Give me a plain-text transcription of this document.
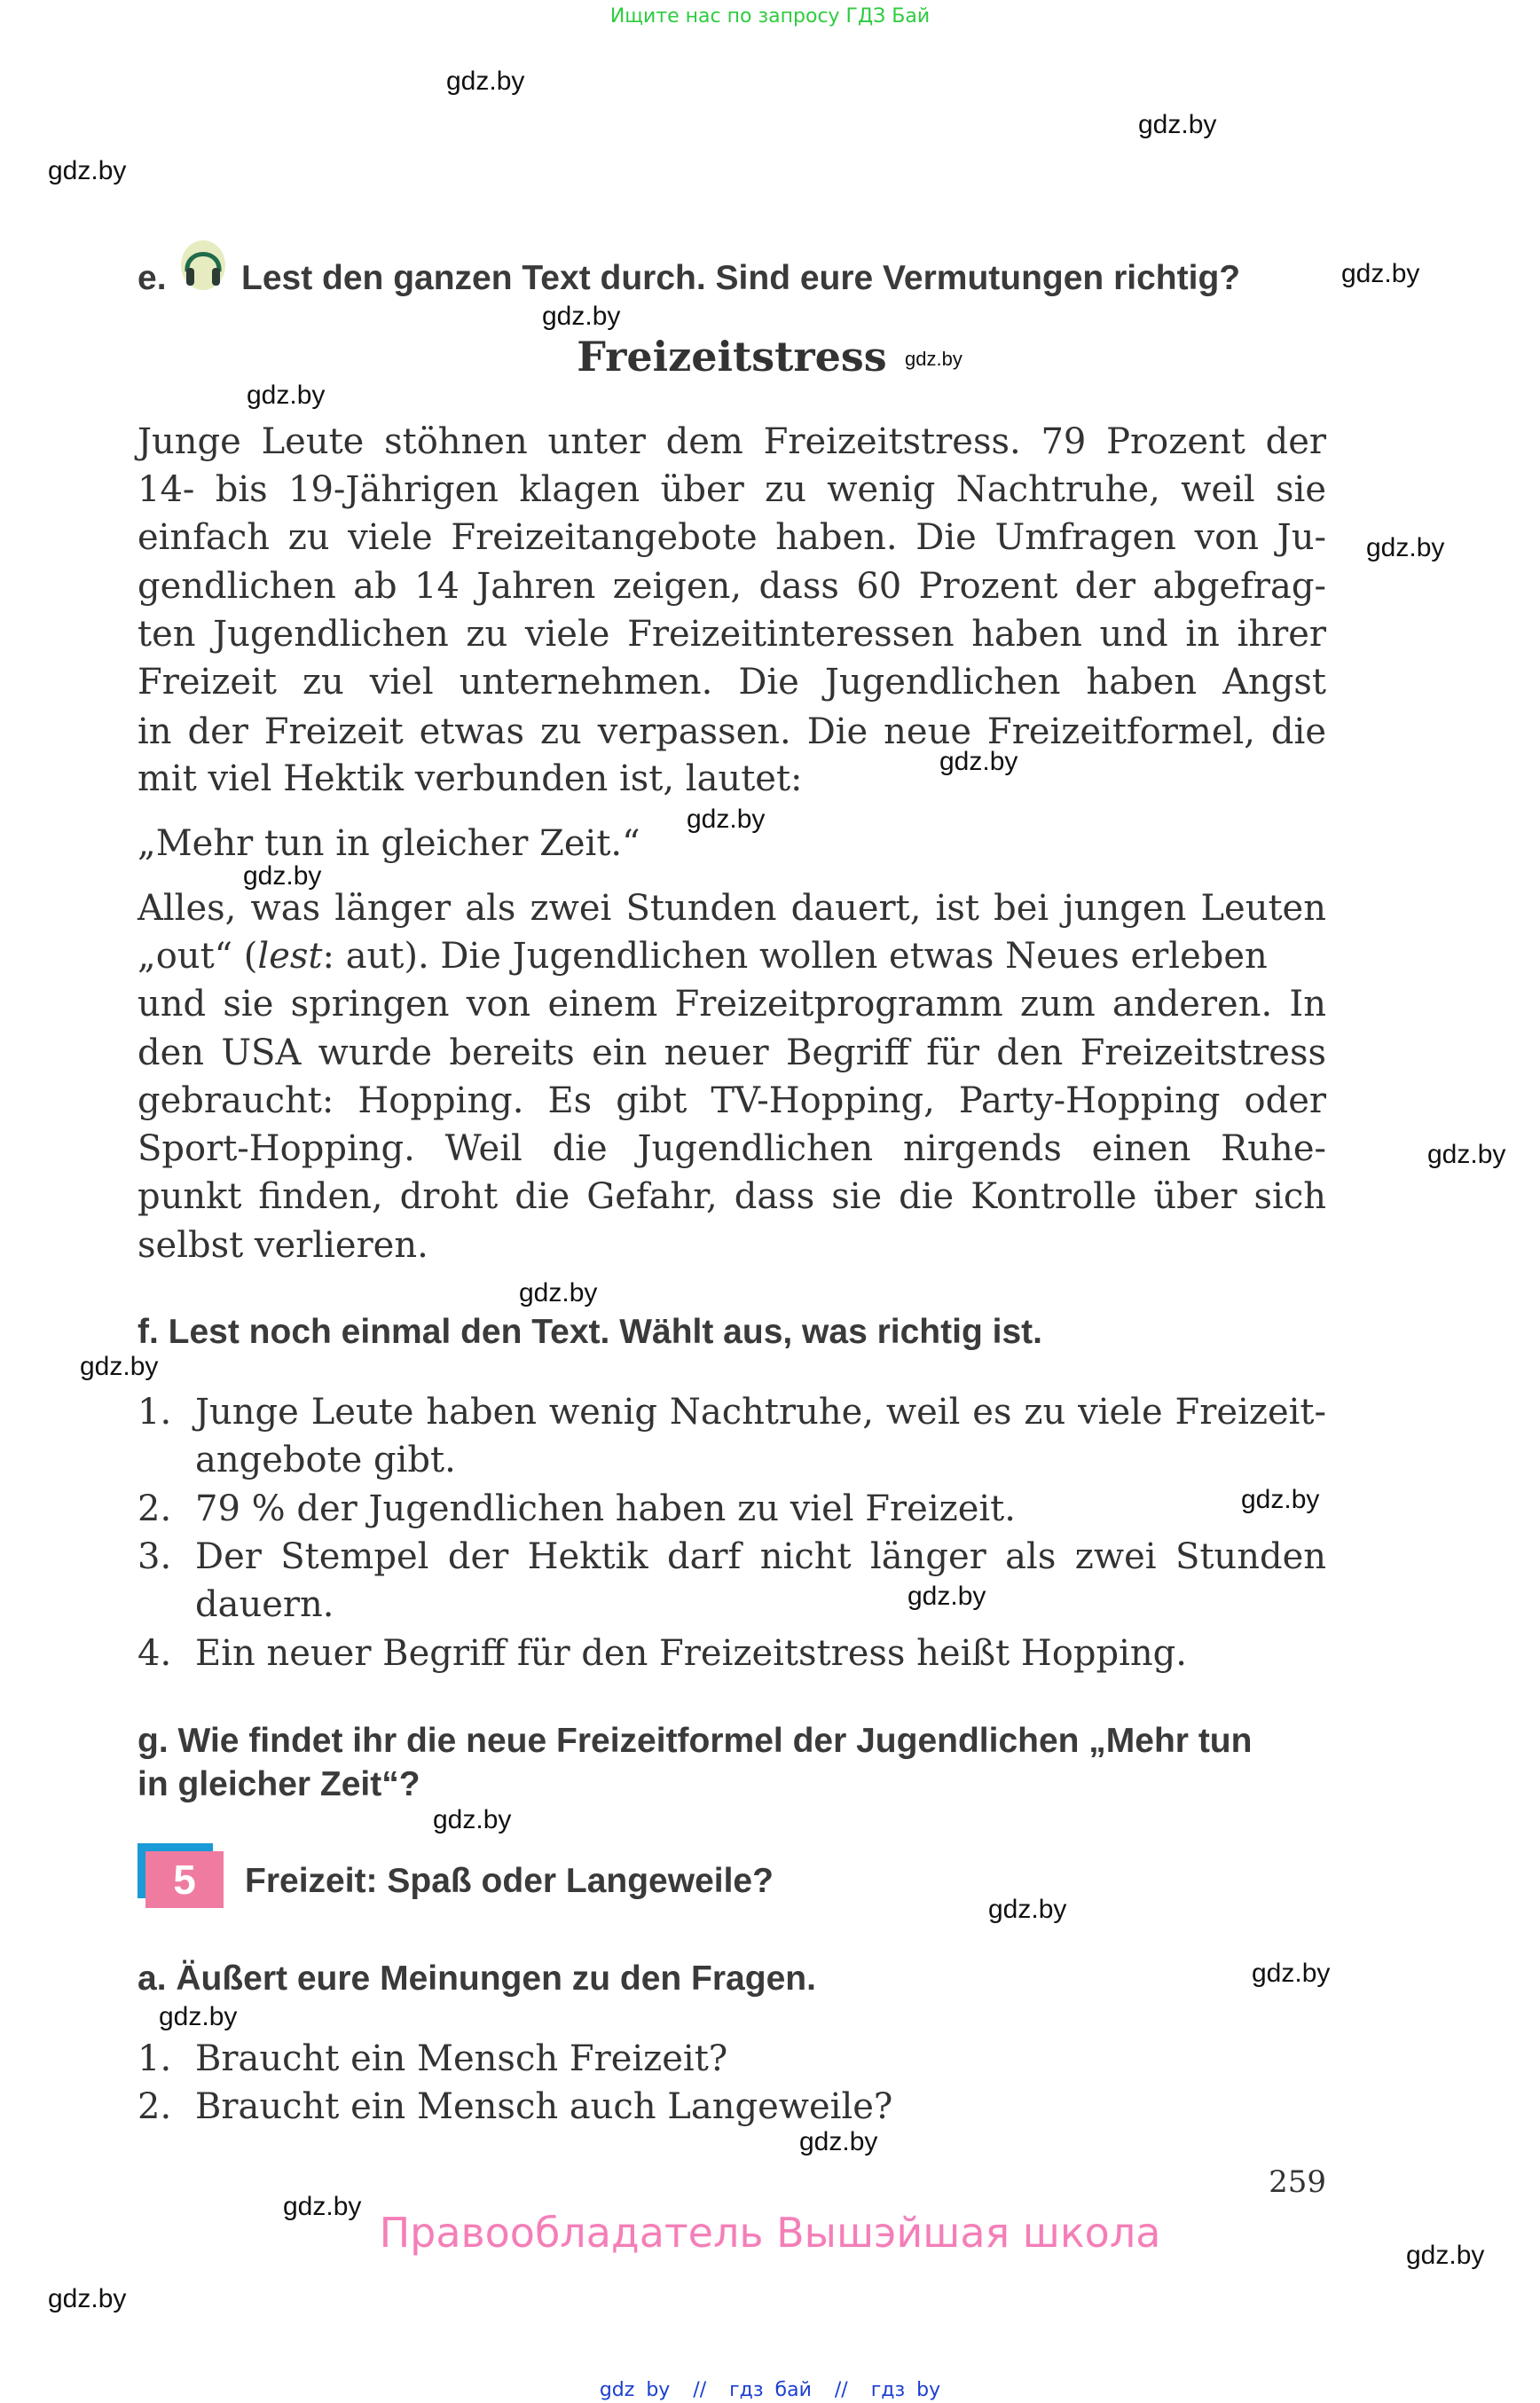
Ищите нас по запросу ГДЗ Бай
gdz.by
gdz.by
gdz.by
gdz.by
gdz.by
gdz.by
gdz.by
gdz.by
gdz.by
gdz.by
gdz.by
gdz.by
gdz.by
gdz.by
gdz.by
gdz.by
gdz.by
gdz.by
gdz.by
gdz.by
gdz.by
gdz.by
gdz.by
gdz.by
e. Lest den ganzen Text durch. Sind eure Vermutungen richtig?
Freizeitstress
Junge Leute stöhnen unter dem Freizeitstress. 79 Prozent der
14- bis 19-Jährigen klagen über zu wenig Nachtruhe, weil sie
einfach zu viele Freizeitangebote haben. Die Umfragen von Ju-
gendlichen ab 14 Jahren zeigen, dass 60 Prozent der abgefrag-
ten Jugendlichen zu viele Freizeitinteressen haben und in ihrer
Freizeit zu viel unternehmen. Die Jugendlichen haben Angst
in der Freizeit etwas zu verpassen. Die neue Freizeitformel, die
mit viel Hektik verbunden ist, lautet:
„Mehr tun in gleicher Zeit.“
Alles, was länger als zwei Stunden dauert, ist bei jungen Leuten
„out“ (lest: aut). Die Jugendlichen wollen etwas Neues erleben
und sie springen von einem Freizeitprogramm zum anderen. In
den USA wurde bereits ein neuer Begriff für den Freizeitstress
gebraucht: Hopping. Es gibt TV-Hopping, Party-Hopping oder
Sport-Hopping. Weil die Jugendlichen nirgends einen Ruhe-
punkt finden, droht die Gefahr, dass sie die Kontrolle über sich
selbst verlieren.
f. Lest noch einmal den Text. Wählt aus, was richtig ist.
1. Junge Leute haben wenig Nachtruhe, weil es zu viele Freizeit-
angebote gibt.
2. 79 % der Jugendlichen haben zu viel Freizeit.
3. Der Stempel der Hektik darf nicht länger als zwei Stunden
dauern.
4. Ein neuer Begriff für den Freizeitstress heißt Hopping.
g. Wie findet ihr die neue Freizeitformel der Jugendlichen „Mehr tun
in gleicher Zeit“?
5	Freizeit: Spaß oder Langeweile?
a. Äußert eure Meinungen zu den Fragen.
1. Braucht ein Mensch Freizeit?
2. Braucht ein Mensch auch Langeweile?
259
Правообладатель Вышэйшая школа
gdz by  //  гдз бай  //  гдз by
